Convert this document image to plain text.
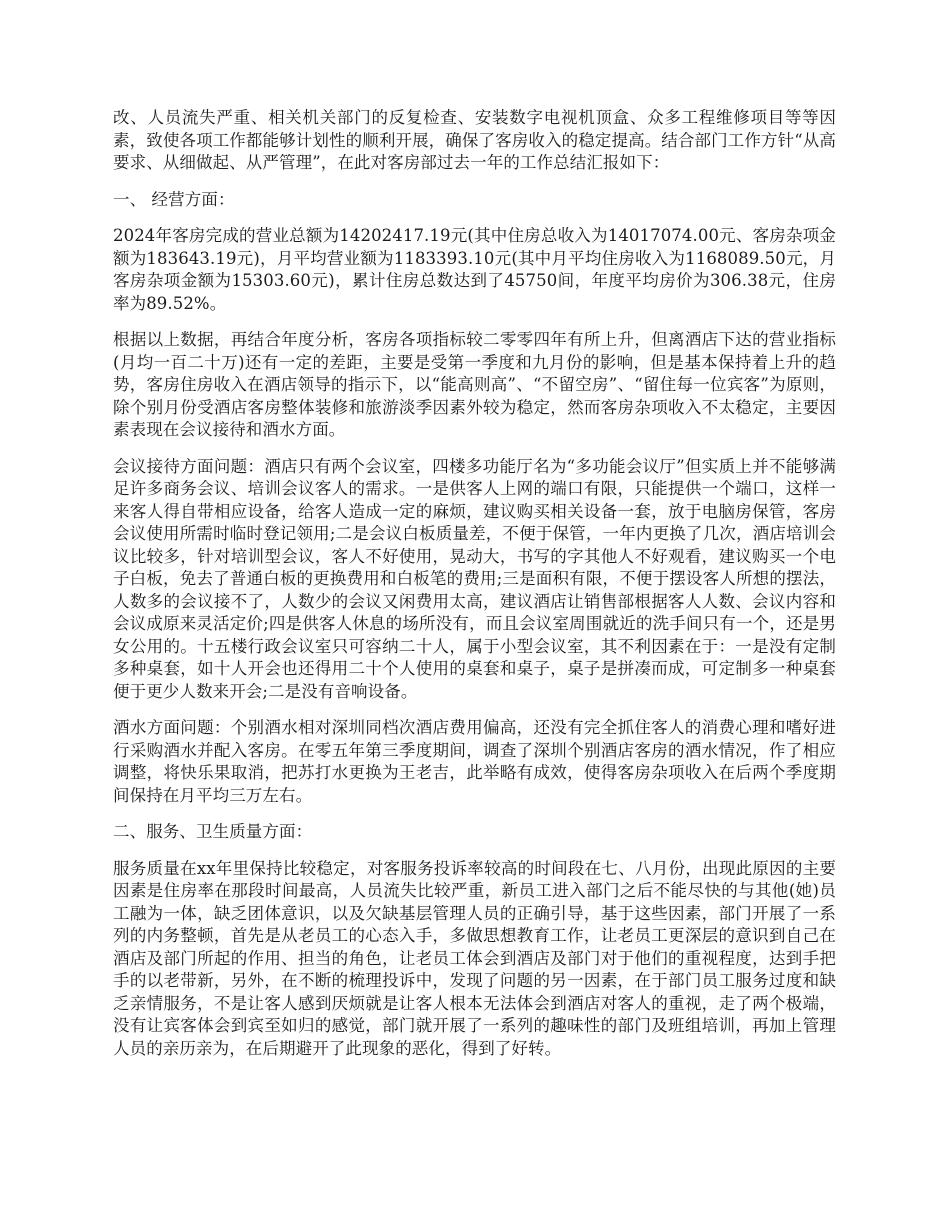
改、人员流失严重、相关机关部门的反复检查、安装数字电视机顶盒、众多工程维修项目等等因素，致使各项工作都能够计划性的顺利开展，确保了客房收入的稳定提高。结合部门工作方针“从高要求、从细做起、从严管理”，在此对客房部过去一年的工作总结汇报如下：

一、 经营方面：

2024年客房完成的营业总额为14202417.19元(其中住房总收入为14017074.00元、客房杂项金额为183643.19元)，月平均营业额为1183393.10元(其中月平均住房收入为1168089.50元，月客房杂项金额为15303.60元)，累计住房总数达到了45750间，年度平均房价为306.38元，住房率为89.52%。

根据以上数据，再结合年度分析，客房各项指标较二零零四年有所上升，但离酒店下达的营业指标(月均一百二十万)还有一定的差距，主要是受第一季度和九月份的影响，但是基本保持着上升的趋势，客房住房收入在酒店领导的指示下，以“能高则高”、“不留空房”、“留住每一位宾客”为原则，除个别月份受酒店客房整体装修和旅游淡季因素外较为稳定，然而客房杂项收入不太稳定，主要因素表现在会议接待和酒水方面。

会议接待方面问题：酒店只有两个会议室，四楼多功能厅名为“多功能会议厅”但实质上并不能够满足许多商务会议、培训会议客人的需求。一是供客人上网的端口有限，只能提供一个端口，这样一来客人得自带相应设备，给客人造成一定的麻烦，建议购买相关设备一套，放于电脑房保管，客房会议使用所需时临时登记领用;二是会议白板质量差，不便于保管，一年内更换了几次，酒店培训会议比较多，针对培训型会议，客人不好使用，晃动大，书写的字其他人不好观看，建议购买一个电子白板，免去了普通白板的更换费用和白板笔的费用;三是面积有限，不便于摆设客人所想的摆法，人数多的会议接不了，人数少的会议又闲费用太高，建议酒店让销售部根据客人人数、会议内容和会议成原来灵活定价;四是供客人休息的场所没有，而且会议室周围就近的洗手间只有一个，还是男女公用的。十五楼行政会议室只可容纳二十人，属于小型会议室，其不利因素在于：一是没有定制多种桌套，如十人开会也还得用二十个人使用的桌套和桌子，桌子是拼凑而成，可定制多一种桌套便于更少人数来开会;二是没有音响设备。

酒水方面问题：个别酒水相对深圳同档次酒店费用偏高，还没有完全抓住客人的消费心理和嗜好进行采购酒水并配入客房。在零五年第三季度期间，调查了深圳个别酒店客房的酒水情况，作了相应调整，将快乐果取消，把苏打水更换为王老吉，此举略有成效，使得客房杂项收入在后两个季度期间保持在月平均三万左右。

二、服务、卫生质量方面：

服务质量在xx年里保持比较稳定，对客服务投诉率较高的时间段在七、八月份，出现此原因的主要因素是住房率在那段时间最高，人员流失比较严重，新员工进入部门之后不能尽快的与其他(她)员工融为一体，缺乏团体意识，以及欠缺基层管理人员的正确引导，基于这些因素，部门开展了一系列的内务整顿，首先是从老员工的心态入手，多做思想教育工作，让老员工更深层的意识到自己在酒店及部门所起的作用、担当的角色，让老员工体会到酒店及部门对于他们的重视程度，达到手把手的以老带新，另外，在不断的梳理投诉中，发现了问题的另一因素，在于部门员工服务过度和缺乏亲情服务，不是让客人感到厌烦就是让客人根本无法体会到酒店对客人的重视，走了两个极端，没有让宾客体会到宾至如归的感觉，部门就开展了一系列的趣味性的部门及班组培训，再加上管理人员的亲历亲为，在后期避开了此现象的恶化，得到了好转。
